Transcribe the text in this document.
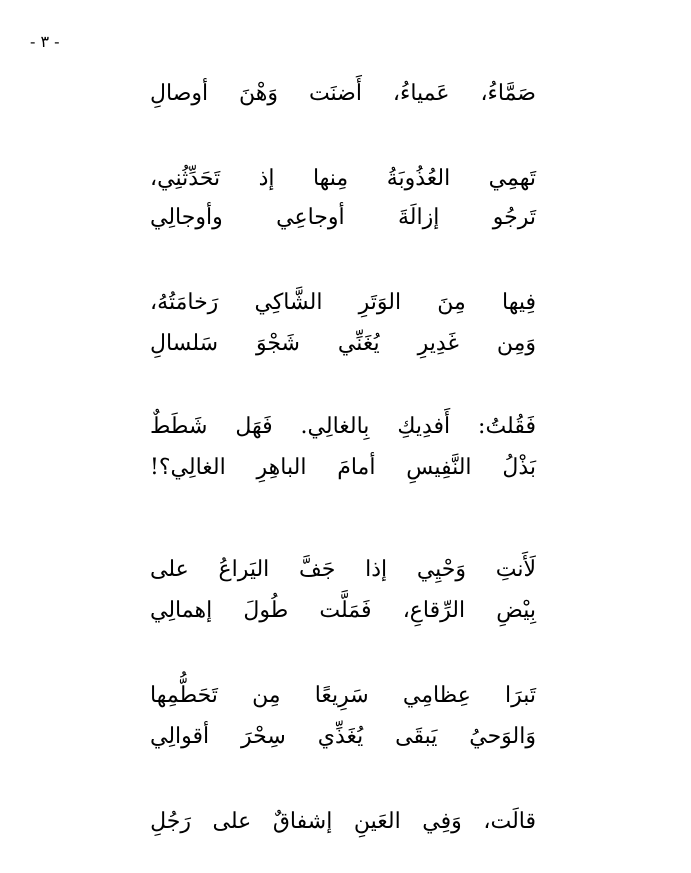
- ٣ -
صَمَّاءُ،
عَمياءُ،
أَضنَت
وَهْنَ
أوصالِ
تَهمِي
العُذُوبَةُ
مِنها
إذ
تَحَدِّثُنِي،
تَرجُو
إزالَةَ
أوجاعِي
وأوجالِي
فِيها
مِنَ
الوَتَرِ
الشَّاكِي
رَخامَتُهُ،
وَمِن
غَدِيرِ
يُغَنِّي
شَجْوَ
سَلسالِ
فَقُلتُ:
أَفدِيكِ
بِالغالِي.
فَهَل
شَطَطٌ
بَذْلُ
النَّفِيسِ
أمامَ
الباهِرِ
الغالِي؟!
لَأَنتِ
وَحْيِي
إذا
جَفَّ
اليَراعُ
على
بِيْضِ
الرِّقاعِ،
فَمَلَّت
طُولَ
إهمالِي
تَبرَا
عِظامِي
سَرِيعًا
مِن
تَحَطُّمِها
وَالوَحيُ
يَبقَى
يُغَذِّي
سِحْرَ
أقوالِي
قالَت،
وَفِي
العَينِ
إشفاقٌ
على
رَجُلِ
